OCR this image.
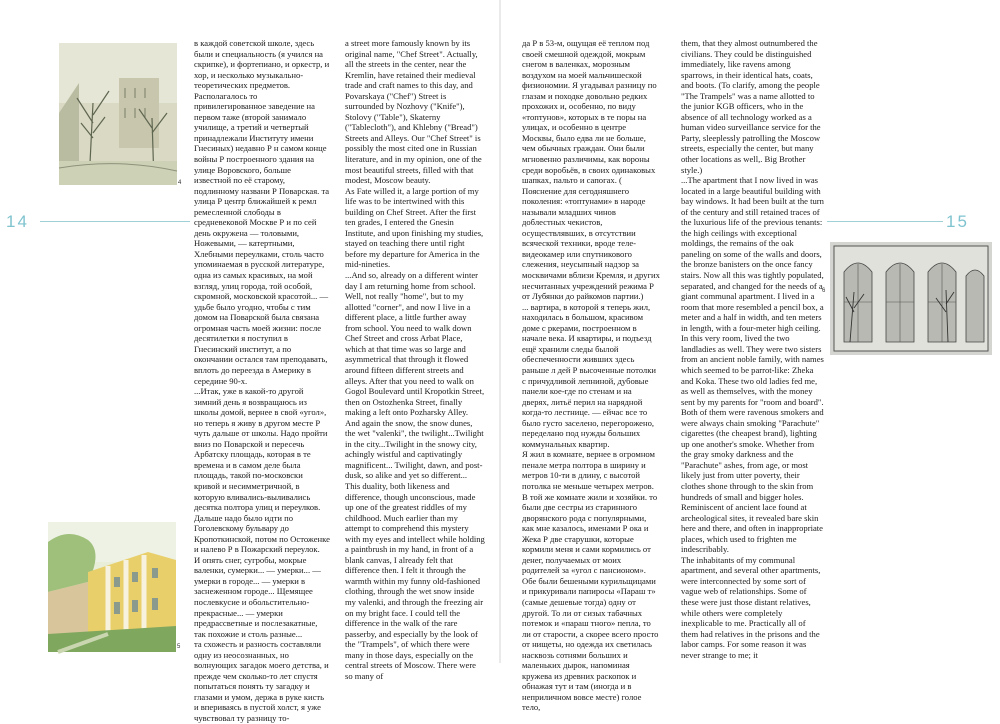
4
5
6
14	15

в каждой советской школе, здесь были и специальность (я учился на скрипке), и фортепиано, и оркестр, и хор, и несколько музыкально-теоретических предметов. Располагалось то привилегированное заведение на первом таже (второй занимало училище, а третий и четвертый принадлежали Институту имени Гнесиных) недавно Р н самом конце войны Р построенного здания на улице Воровского, больше известной по её старому, подлинному названи Р Поварская. та улица Р центр ближайшей к ремл ремесленной слободы в средневековой Москве Р и по сей день окружена — толовыми, Ножевыми, — катертными, Хлебными переулками, столь часто упоминаемая в русской литературе, одна из самых красивых, на мой взгляд, улиц города, той особой, скромной, московской красотой... — удьбе было угодно, чтобы с тим домом на Поварской была связана огромная часть моей жизни: после десятилетки я поступил в Гнесинский институт, а по окончании остался там преподавать, вплоть до переезда в Америку в середине 90-х.

...Итак, уже в какой-то другой зимний день я возвращаюсь из школы домой, вернее в свой «угол», но теперь я живу в другом месте Р чуть дальше от школы. Надо пройти вниз по Поварской и пересечь Арбатску площадь, которая в те времена и в самом деле была площадь, такой по-московски кривой и несимметричной, в которую вливались-выливались десятка полтора улиц и переулков. Дальше надо было идти по Гоголевскому бульвару до Кропоткинской, потом по Остоженке и налево Р в Пожарский переулок.

И опять снег, сугробы, мокрые валенки, сумерки... — умерки... — умерки в городе... — умерки в заснеженном городе... Щемящее послевкусие и обольстительно-прекрасные... — умерки предрассветные и послезакатные, так похожие и столь разные...

та схожесть и разность составляли одну из неосознанных, но волнующих загадок моего детства, и прежде чем сколько-то лет спустя попытаться понять ту загадку и глазами и умом, держа в руке кисть и впериваясь в пустой холст, я уже чувствовал ту разницу то-

a street more famously known by its original name, "Chef Street". Actually, all the streets in the center, near the Kremlin, have retained their medieval trade and craft names to this day, and Povarskaya ("Chef") Street is surrounded by Nozhovy ("Knife"), Stolovy ("Table"), Skaterny ("Tablecloth"), and Khlebny ("Bread") Streets and Alleys. Our "Chef Street" is possibly the most cited one in Russian literature, and in my opinion, one of the most beautiful streets, filled with that modest, Moscow beauty.

As Fate willed it, a large portion of my life was to be intertwined with this building on Chef Street. After the first ten grades, I entered the Gnesin Institute, and upon finishing my studies, stayed on teaching there until right before my departure for America in the mid-nineties.

...And so, already on a different winter day I am returning home from school. Well, not really "home", but to my allotted "corner", and now I live in a different place, a little further away from school. You need to walk down Chef Street and cross Arbat Place, which at that time was so large and asymmetrical that through it flowed around fifteen different streets and alleys. After that you need to walk on Gogol Boulevard until Kropotkin Street, then on Ostozhenka Street, finally making a left onto Pozharsky Alley.

And again the snow, the snow dunes, the wet "valenki", the twilight...Twilight in the city...Twilight in the snowy city, achingly wistful and captivatingly magnificent... Twilight, dawn, and post-dusk, so alike and yet so different...

This duality, both likeness and difference, though unconscious, made up one of the greatest riddles of my childhood. Much earlier than my attempt to comprehend this mystery with my eyes and intellect while holding a paintbrush in my hand, in front of a blank canvas, I already felt that difference then. I felt it through the warmth within my funny old-fashioned clothing, through the wet snow inside my valenki, and through the freezing air on my bright face. I could tell the difference in the walk of the rare passerby, and especially by the look of the "Trampels", of which there were many in those days, especially on the central streets of Moscow. There were so many of

да Р в 53-м, ощущая её теплом под своей смешной одеждой, мокрым снегом в валенках, морозным воздухом на моей мальчишеской физиономии. Я угадывал разницу по глазам и походке довольно редких прохожих и, особенно, по виду «топтунов», которых в те поры на улицах, и особенно в центре Москвы, было едва ли не больше, чем обычных граждан. Они были мгновенно различимы, как вороны среди воробьёв, в своих одинаковых шапках, пальто и сапогах. ( Пояснение для сегодняшнего поколения: «топтунами» в народе называли младших чинов доблестных чекистов, осуществлявших, в отсутствии всяческой техники, вроде теле-видеокамер или спутникового слежения, неусыпный надзор за москвичами вблизи Кремля, и других несчитанных учреждений режима Р от Лубянки до райкомов партии.)

... вартира, в которой я теперь жил, находилась в большом, красивом доме с ркерами, построенном в начале века. И квартиры, и подъезд ещё хранили следы былой обеспеченности живших здесь раньше л дей Р высоченные потолки с причудливой лепниной, дубовые панели кое-где по стенам и на дверях, литьё перил на нарядной когда-то лестнице. — ейчас все то было густо заселено, перегорожено, переделано под нужды больших коммунальных квартир.

Я жил в комнате, вернее в огромном пенале метра полтора в ширину и метров 10-ти в длину, с высотой потолка не меньше четырех метров. В той же комнате жили и хозяйки. то были две сестры из старинного дворянского рода с популярными, как мне казалось, именами Р ока и Жека Р две старушки, которые кормили меня и сами кормились от денег, получаемых от моих родителей за «угол с пансионом». Обе были бешеными курильщицами и прикуривали папиросы «Параш т» (самые дешевые тогда) одну от другой. То ли от сизых табачных потемок и «параш тного» пепла, то ли от старости, а скорее всего просто от нищеты, но одежда их светилась насквозь сотнями больших и маленьких дырок, напоминая кружева из древних раскопок и обнажая тут и там (иногда и в неприличном вовсе месте) голое тело,

them, that they almost outnumbered the civilians. They could be distinguished immediately, like ravens among sparrows, in their identical hats, coats, and boots. (To clarify, among the people "The Trampels" was a name allotted to the junior KGB officers, who in the absence of all technology worked as a human video surveillance service for the Party, sleeplessly patrolling the Moscow streets, especially the center, but many other locations as well,. Big Brother style.)

...The apartment that I now lived in was located in a large beautiful building with bay windows. It had been built at the turn of the century and still retained traces of the luxurious life of the previous tenants: the high ceilings with exceptional moldings, the remains of the oak paneling on some of the walls and doors, the bronze banisters on the once fancy stairs. Now all this was tightly populated, separated, and changed for the needs of a giant communal apartment. I lived in a room that more resembled a pencil box, a meter and a half in width, and ten meters in length, with a four-meter high ceiling. In this very room, lived the two landladies as well. They were two sisters from an ancient noble family, with names which seemed to be parrot-like: Zheka and Koka. These two old ladies fed me, as well as themselves, with the money sent by my parents for "room and board". Both of them were ravenous smokers and were always chain smoking "Parachute" cigarettes (the cheapest brand), lighting up one another's smoke. Whether from the gray smoky darkness and the "Parachute" ashes, from age, or most likely just from utter poverty, their clothes shone through to the skin from hundreds of small and bigger holes. Reminiscent of ancient lace found at archeological sites, it revealed bare skin here and there, and often in inappropriate places, which used to frighten me indescribably.

The inhabitants of my communal apartment, and several other apartments, were interconnected by some sort of vague web of relationships. Some of these were just those distant relatives, while others were completely inexplicable to me. Practically all of them had relatives in the prisons and the labor camps. For some reason it was never strange to me; it
